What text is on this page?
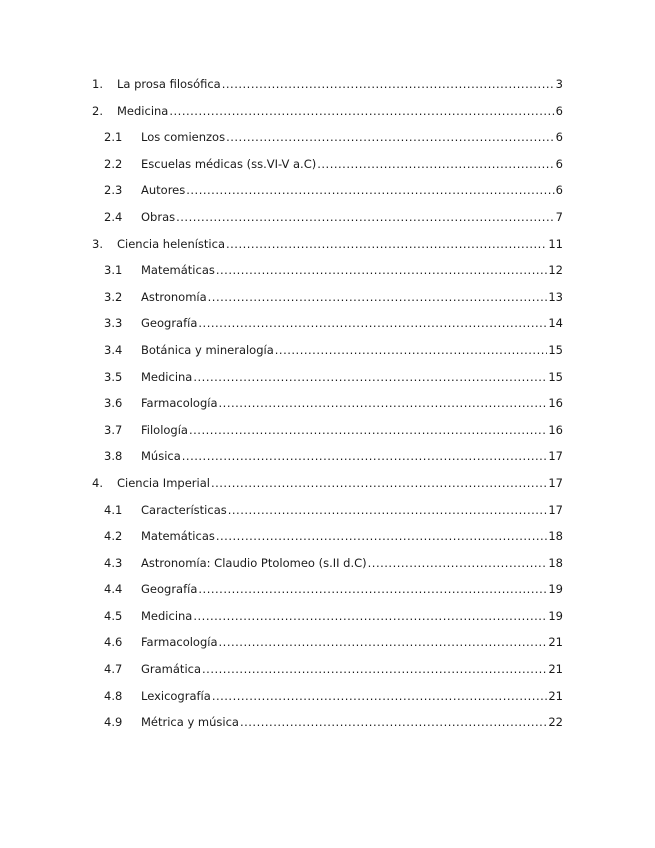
1. La prosa filosófica .....	3
2. Medicina .....	6
2.1 Los comienzos .....	6
2.2 Escuelas médicas (ss.VI-V a.C) .....	6
2.3 Autores .....	6
2.4 Obras .....	7
3. Ciencia helenística .....	11
3.1 Matemáticas .....	12
3.2 Astronomía .....	13
3.3 Geografía .....	14
3.4 Botánica y mineralogía .....	15
3.5 Medicina .....	15
3.6 Farmacología .....	16
3.7 Filología .....	16
3.8 Música .....	17
4. Ciencia Imperial .....	17
4.1 Características .....	17
4.2 Matemáticas .....	18
4.3 Astronomía: Claudio Ptolomeo (s.II d.C) .....	18
4.4 Geografía .....	19
4.5 Medicina .....	19
4.6 Farmacología .....	21
4.7 Gramática .....	21
4.8 Lexicografía .....	21
4.9 Métrica y música .....	22
